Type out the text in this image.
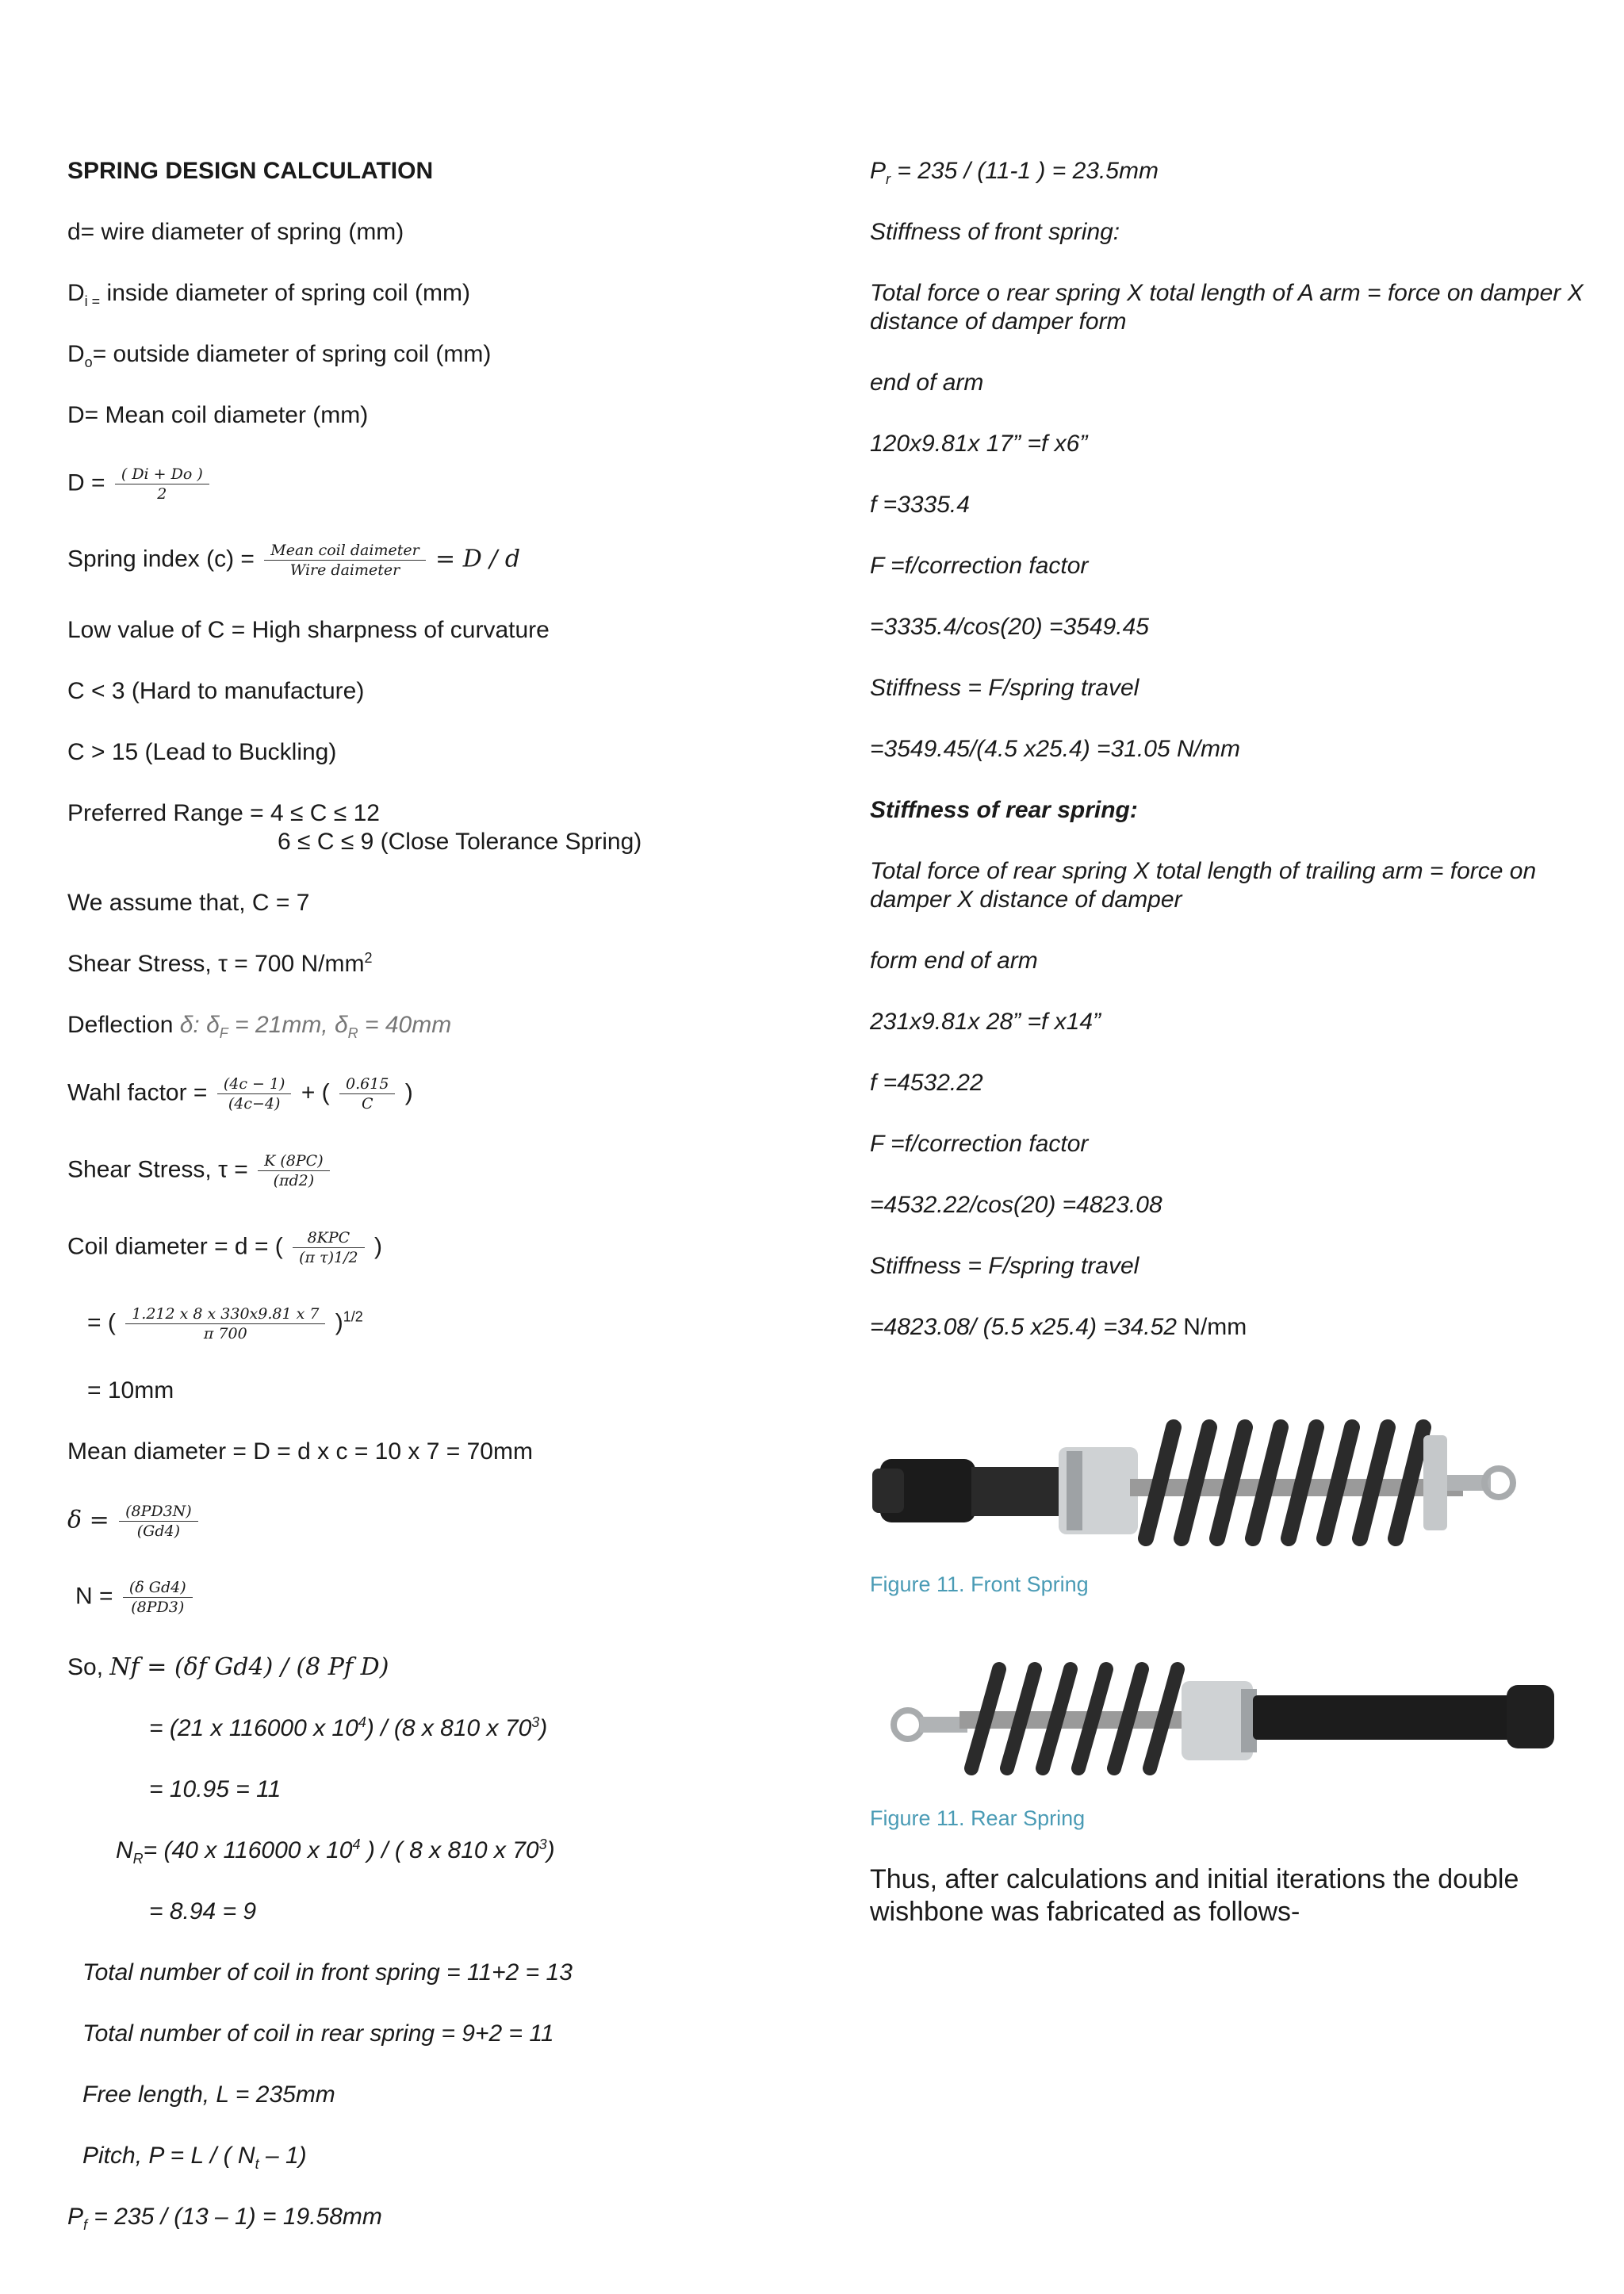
SPRING DESIGN CALCULATION
d= wire diameter of spring (mm)
$D_{i =}$ inside diameter of spring coil (mm)
$D_o=$ outside diameter of spring coil (mm)
D= Mean coil diameter (mm)
$D = \frac{( Di + Do )}{2}$
Spring index $(c) = \frac{\text{Mean coil daimeter}}{\text{Wire daimeter}}$ = 𝐷 / 𝑑
Low value of C = High sharpness of curvature
C < 3 (Hard to manufacture)
C > 15 (Lead to Buckling)
Preferred Range = 4 ≤ C ≤ 12
6 ≤ C ≤ 9 (Close Tolerance Spring)
We assume that, C = 7
Shear Stress, τ = 700 $N/mm^2$
Deflection δ: $\delta_F = 21mm$, $\delta_R = 40mm$
Wahl factor = $\frac{\text{(4𝑐 − 1)}}{\text{(4𝑐−4)}}$ + ( $\frac{0.615}{\text{𝐶}}$ )
Shear Stress, $\tau = \frac{\text{𝐾 (8𝑃𝐶)}}{\text{(π𝑑2)}}$
Coil diameter = d = ( $\frac{\text{8𝐾𝑃𝐶}}{\text{(π τ)1/2}}$ )
= ( $\frac{\text{1.212 𝑥 8 𝑥 330𝑥9.81 𝑥 7}}{\pi 700} )^{1/2}$
= 10mm
Mean diameter = D = d x c = 10 x 7 = 70mm
$\delta = \frac{\text{(8𝑃𝐷3𝑁)}}{\text{(𝐺𝑑4)}}$
$N = \frac{\text{(δ 𝐺𝑑4)}}{\text{(8𝑃𝐷3)}}$
So, 𝑁𝑓 = (δ𝑓 𝐺𝑑4) / (8 𝑃𝑓 𝐷)
= (21 x 116000 x $10^4) / (8$ x 810 x $70^3$)
= 10.95 = 11
$N_R= (40$ x 116000 x $10^4$ ) / ( 8 x 810 x $70^3$)
= 8.94 = 9
Total number of coil in front spring = 11+2 = 13
Total number of coil in rear spring = 9+2 = 11
Free length, L = 235mm
Pitch, P = L / ( $N_t - 1$)
$P_f = 235 / (13 - 1) = 19.58mm$
$P_r = 235 / (11-1$ ) = 23.5mm
Stiffness of front spring:
Total force o rear spring X total length of A arm = force on damper X distance of damper form
end of arm
120x9.81x 17” =f x6”
f =3335.4
F =f/correction factor
=3335.4/cos(20) =3549.45
Stiffness = F/spring travel
=3549.45/(4.5 x25.4) =31.05 N/mm
Stiffness of rear spring:
Total force of rear spring X total length of trailing arm = force on damper X distance of damper
form end of arm
231x9.81x 28” =f x14”
f =4532.22
F =f/correction factor
=4532.22/cos(20) =4823.08
Stiffness = F/spring travel
=4823.08/ (5.5 x25.4) =34.52 N/mm
Figure 11. Front Spring
Figure 11. Rear Spring
Thus, after calculations and initial iterations the double wishbone was fabricated as follows-
